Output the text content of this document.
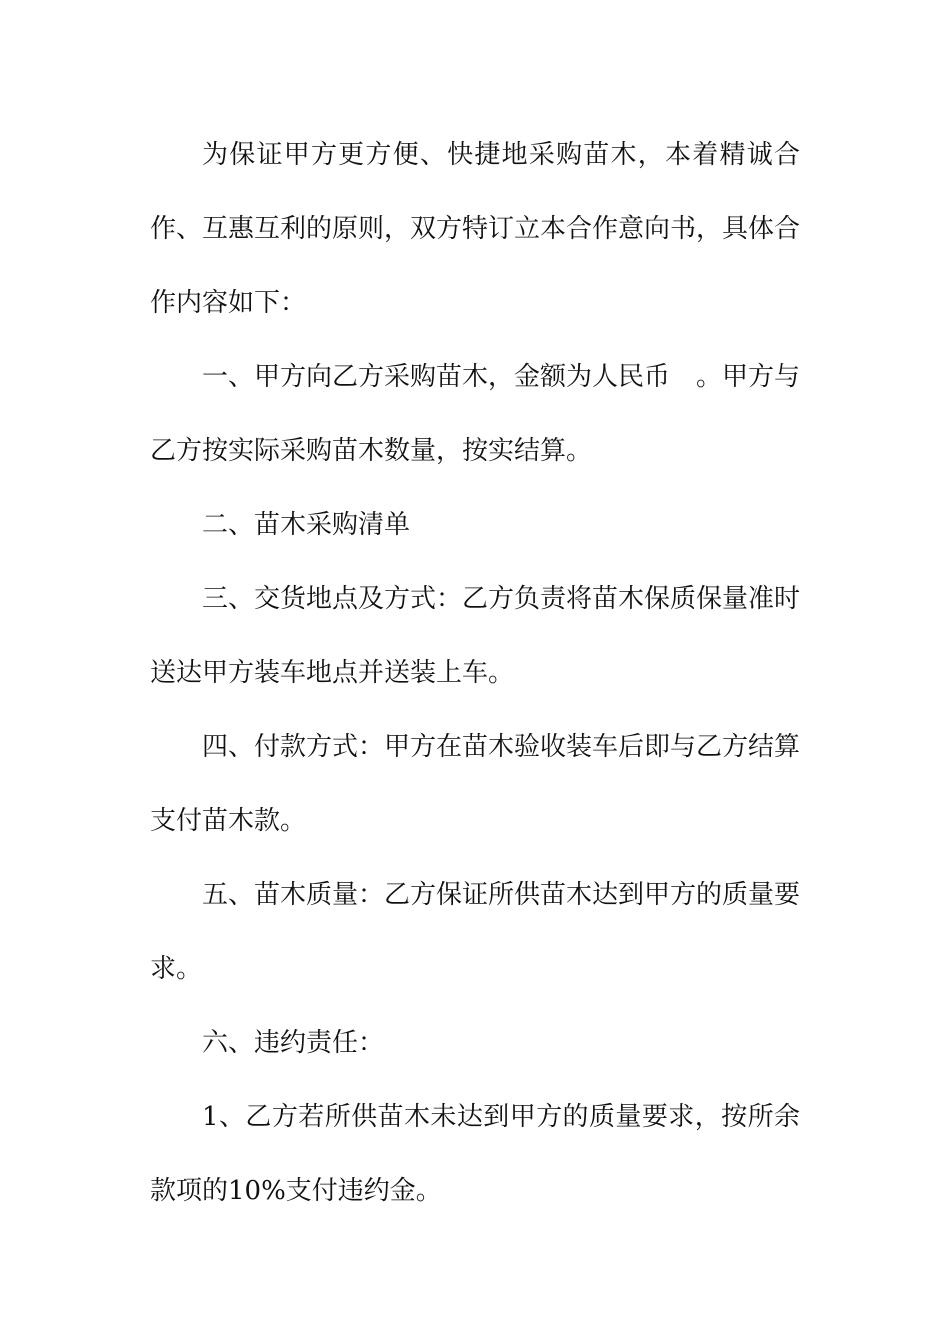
为保证甲方更方便、快捷地采购苗木，本着精诚合作、互惠互利的原则，双方特订立本合作意向书，具体合作内容如下：

一、甲方向乙方采购苗木，金额为人民币　。甲方与乙方按实际采购苗木数量，按实结算。

二、苗木采购清单

三、交货地点及方式：乙方负责将苗木保质保量准时送达甲方装车地点并送装上车。

四、付款方式：甲方在苗木验收装车后即与乙方结算支付苗木款。

五、苗木质量：乙方保证所供苗木达到甲方的质量要求。

六、违约责任：

1、乙方若所供苗木未达到甲方的质量要求，按所余款项的10%支付违约金。
